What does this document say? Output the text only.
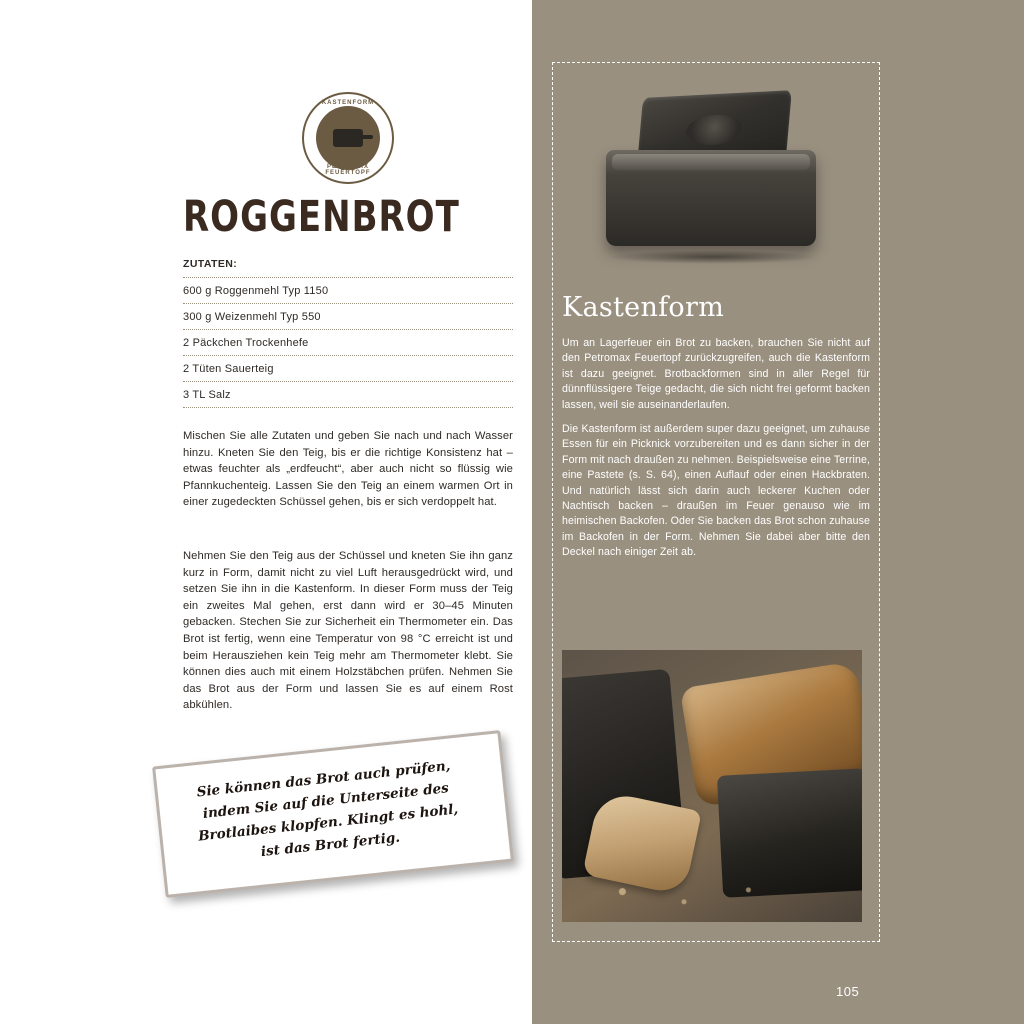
KASTENFORM
PETROMAX FEUERTOPF
ROGGENBROT
ZUTATEN:
600 g Roggenmehl Typ 1150
300 g Weizenmehl Typ 550
2 Päckchen Trockenhefe
2 Tüten Sauerteig
3 TL Salz
Mischen Sie alle Zutaten und geben Sie nach und nach Wasser hinzu. Kneten Sie den Teig, bis er die richtige Konsistenz hat – etwas feuchter als „erdfeucht“, aber auch nicht so flüssig wie Pfannkuchenteig. Lassen Sie den Teig an einem warmen Ort in einer zugedeckten Schüssel gehen, bis er sich verdoppelt hat.
Nehmen Sie den Teig aus der Schüssel und kneten Sie ihn ganz kurz in Form, damit nicht zu viel Luft herausgedrückt wird, und setzen Sie ihn in die Kastenform. In dieser Form muss der Teig ein zweites Mal gehen, erst dann wird er 30–45 Minuten gebacken. Stechen Sie zur Sicherheit ein Thermometer ein. Das Brot ist fertig, wenn eine Temperatur von 98 °C erreicht ist und beim Herausziehen kein Teig mehr am Thermometer klebt. Sie können dies auch mit einem Holzstäbchen prüfen. Nehmen Sie das Brot aus der Form und lassen Sie es auf einem Rost abkühlen.
Sie können das Brot auch prüfen, indem Sie auf die Unterseite des Brotlaibes klopfen. Klingt es hohl, ist das Brot fertig.
Kastenform

Um an Lagerfeuer ein Brot zu backen, brauchen Sie nicht auf den Petromax Feuertopf zurückzugreifen, auch die Kastenform ist dazu geeignet. Brotbackformen sind in aller Regel für dünnflüssigere Teige gedacht, die sich nicht frei geformt backen lassen, weil sie auseinanderlaufen.

Die Kastenform ist außerdem super dazu geeignet, um zuhause Essen für ein Picknick vorzubereiten und es dann sicher in der Form mit nach draußen zu nehmen. Beispielsweise eine Terrine, eine Pastete (s. S. 64), einen Auflauf oder einen Hackbraten. Und natürlich lässt sich darin auch leckerer Kuchen oder Nachtisch backen – draußen im Feuer genauso wie im heimischen Backofen. Oder Sie backen das Brot schon zuhause im Backofen in der Form. Nehmen Sie dabei aber bitte den Deckel nach einiger Zeit ab.

105
